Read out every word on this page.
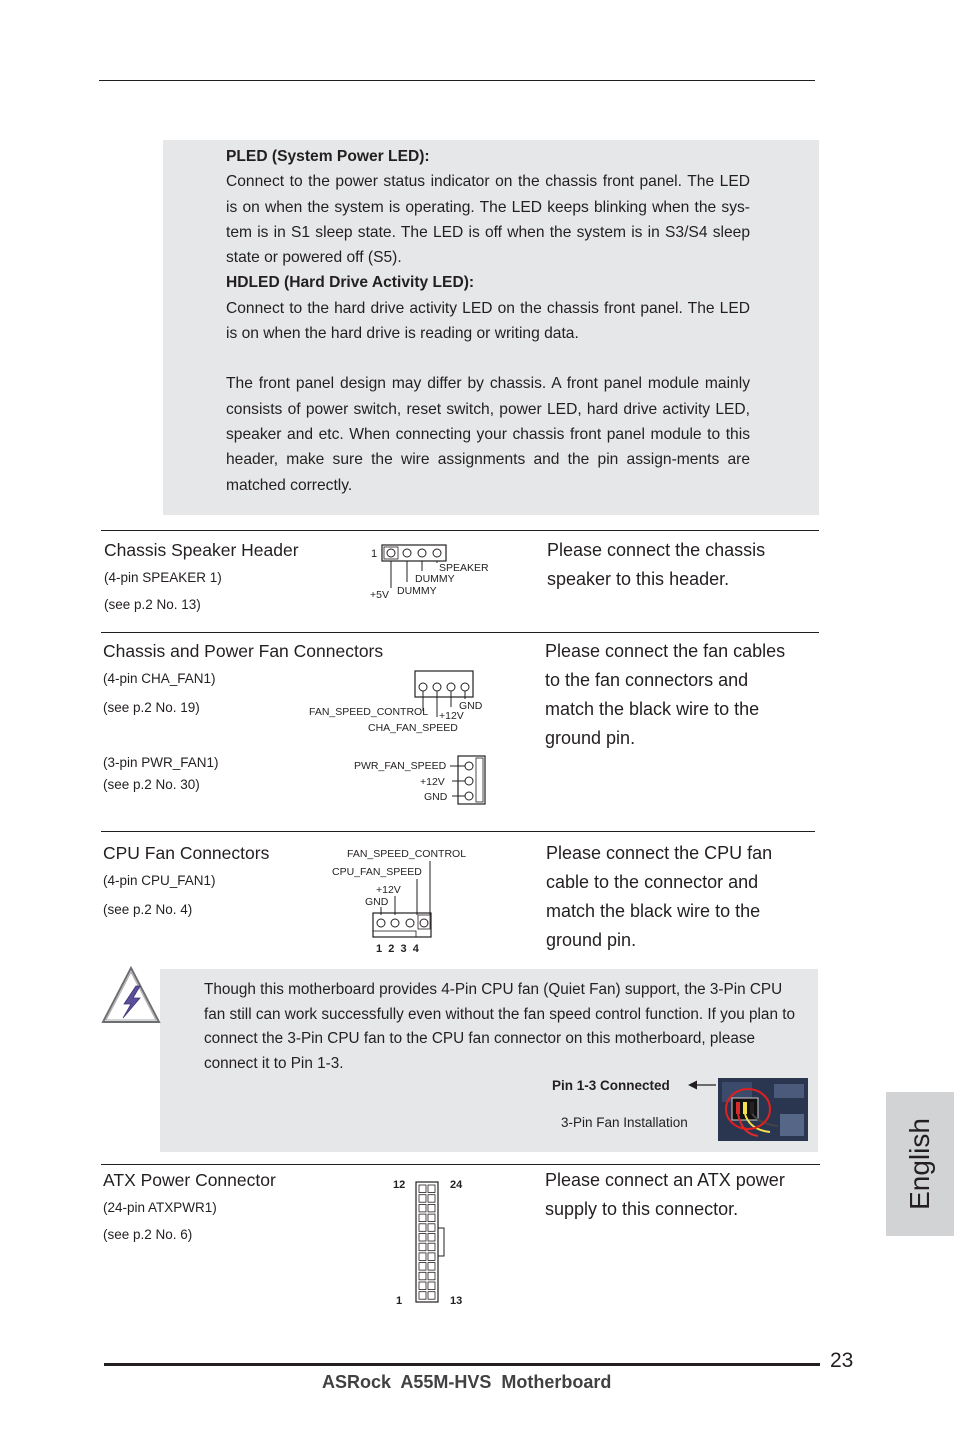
PLED (System Power LED):

Connect to the power status indicator on the chassis front panel. The LED is on when the system is operating. The LED keeps blinking when the sys-tem is in S1 sleep state. The LED is off when the system is in S3/S4 sleep state or powered off (S5).

HDLED (Hard Drive Activity LED):

Connect to the hard drive activity LED on the chassis front panel. The LED is on when the hard drive is reading or writing data.

The front panel design may differ by chassis. A front panel module mainly consists of power switch, reset switch, power LED, hard drive activity LED, speaker and etc. When connecting your chassis front panel module to this header, make sure the wire assignments and the pin assign-ments are matched correctly.

Chassis Speaker Header
(4-pin SPEAKER 1)
(see p.2 No. 13)
Please connect the chassis
speaker to this header.
1
SPEAKER
DUMMY
+5V DUMMY
Chassis and Power Fan Connectors
(4-pin CHA_FAN1)
(see p.2 No. 19)
(3-pin PWR_FAN1)
(see p.2 No. 30)
Please connect the fan cables
to the fan connectors and
match the black wire to the
ground pin.
GND
FAN_SPEED_CONTROL +12V
CHA_FAN_SPEED
PWR_FAN_SPEED
+12V
GND
CPU Fan Connectors
(4-pin CPU_FAN1)
(see p.2 No. 4)
Please connect the CPU fan
cable to the connector and
match the black wire to the
ground pin.
FAN_SPEED_CONTROL
CPU_FAN_SPEED
+12V
GND
1  2  3  4
Though this motherboard provides 4-Pin CPU fan (Quiet Fan) support, the 3-Pin CPU fan still can work successfully even without the fan speed control function. If you plan to connect the 3-Pin CPU fan to the CPU fan connector on this motherboard, please connect it to Pin 1-3.
Pin 1-3 Connected
3-Pin Fan Installation
ATX Power Connector
(24-pin ATXPWR1)
(see p.2 No. 6)
Please connect an ATX power
supply to this connector.
12	24
1	13
English
23
ASRock  A55M-HVS  Motherboard
